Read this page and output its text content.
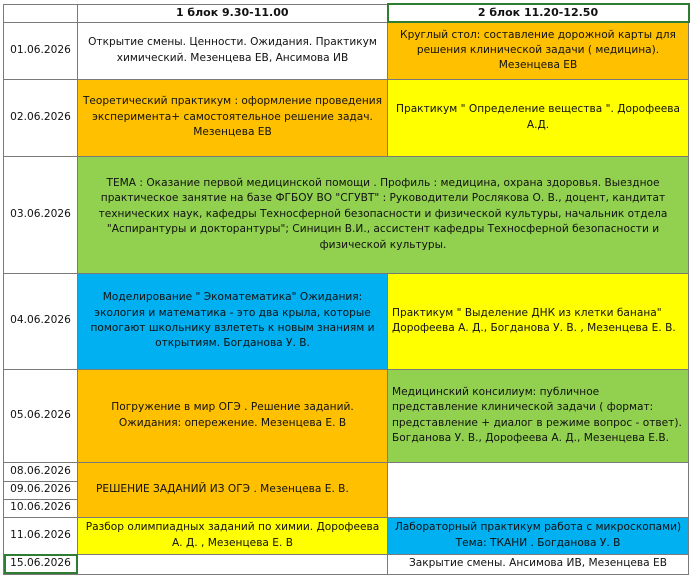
	1 блок 9.30-11.00	2 блок 11.20-12.50
01.06.2026	Открытие смены. Ценности. Ожидания. Практикум химический. Мезенцева ЕВ, Ансимова ИВ	Круглый стол: составление дорожной карты для решения клинической задачи ( медицина). Мезенцева ЕВ
02.06.2026	Теоретический практикум : оформление проведения эксперимента+ самостоятельное решение задач. Мезенцева ЕВ	Практикум " Определение вещества ". Дорофеева А.Д.
03.06.2026	ТЕМА : Оказание первой медицинской помощи . Профиль : медицина, охрана здоровья. Выездное практическое занятие на базе ФГБОУ ВО "СГУВТ" : Руководители Рослякова О. В., доцент, кандитат технических наук, кафедры Техносферной безопасности и физической культуры, начальник отдела "Аспирантуры и докторантуры"; Синицин В.И., ассистент кафедры Техносферной безопасности и физической культуры.	
04.06.2026	Моделирование " Экоматематика" Ожидания: экология и математика - это два крыла, которые помогают школьнику взлететь к новым знаниям и открытиям. Богданова У. В.	Практикум " Выделение ДНК из клетки банана" Дорофеева А. Д., Богданова У. В. , Мезенцева Е. В.
05.06.2026	Погружение в мир ОГЭ . Решение заданий. Ожидания: опережение. Мезенцева Е. В	Медицинский консилиум: публичное представление клинической задачи ( формат: представление + диалог в режиме вопрос - ответ). Богданова У. В., Дорофеева А. Д., Мезенцева Е.В.
08.06.2026	РЕШЕНИЕ ЗАДАНИЙ ИЗ ОГЭ . Мезенцева Е. В.	
09.06.2026		
10.06.2026		
11.06.2026	Разбор олимпиадных заданий по химии. Дорофеева А. Д. , Мезенцева Е. В	Лабораторный практикум работа с микроскопами) Тема: ТКАНИ . Богданова У. В
15.06.2026		Закрытие смены. Ансимова ИВ, Мезенцева ЕВ
